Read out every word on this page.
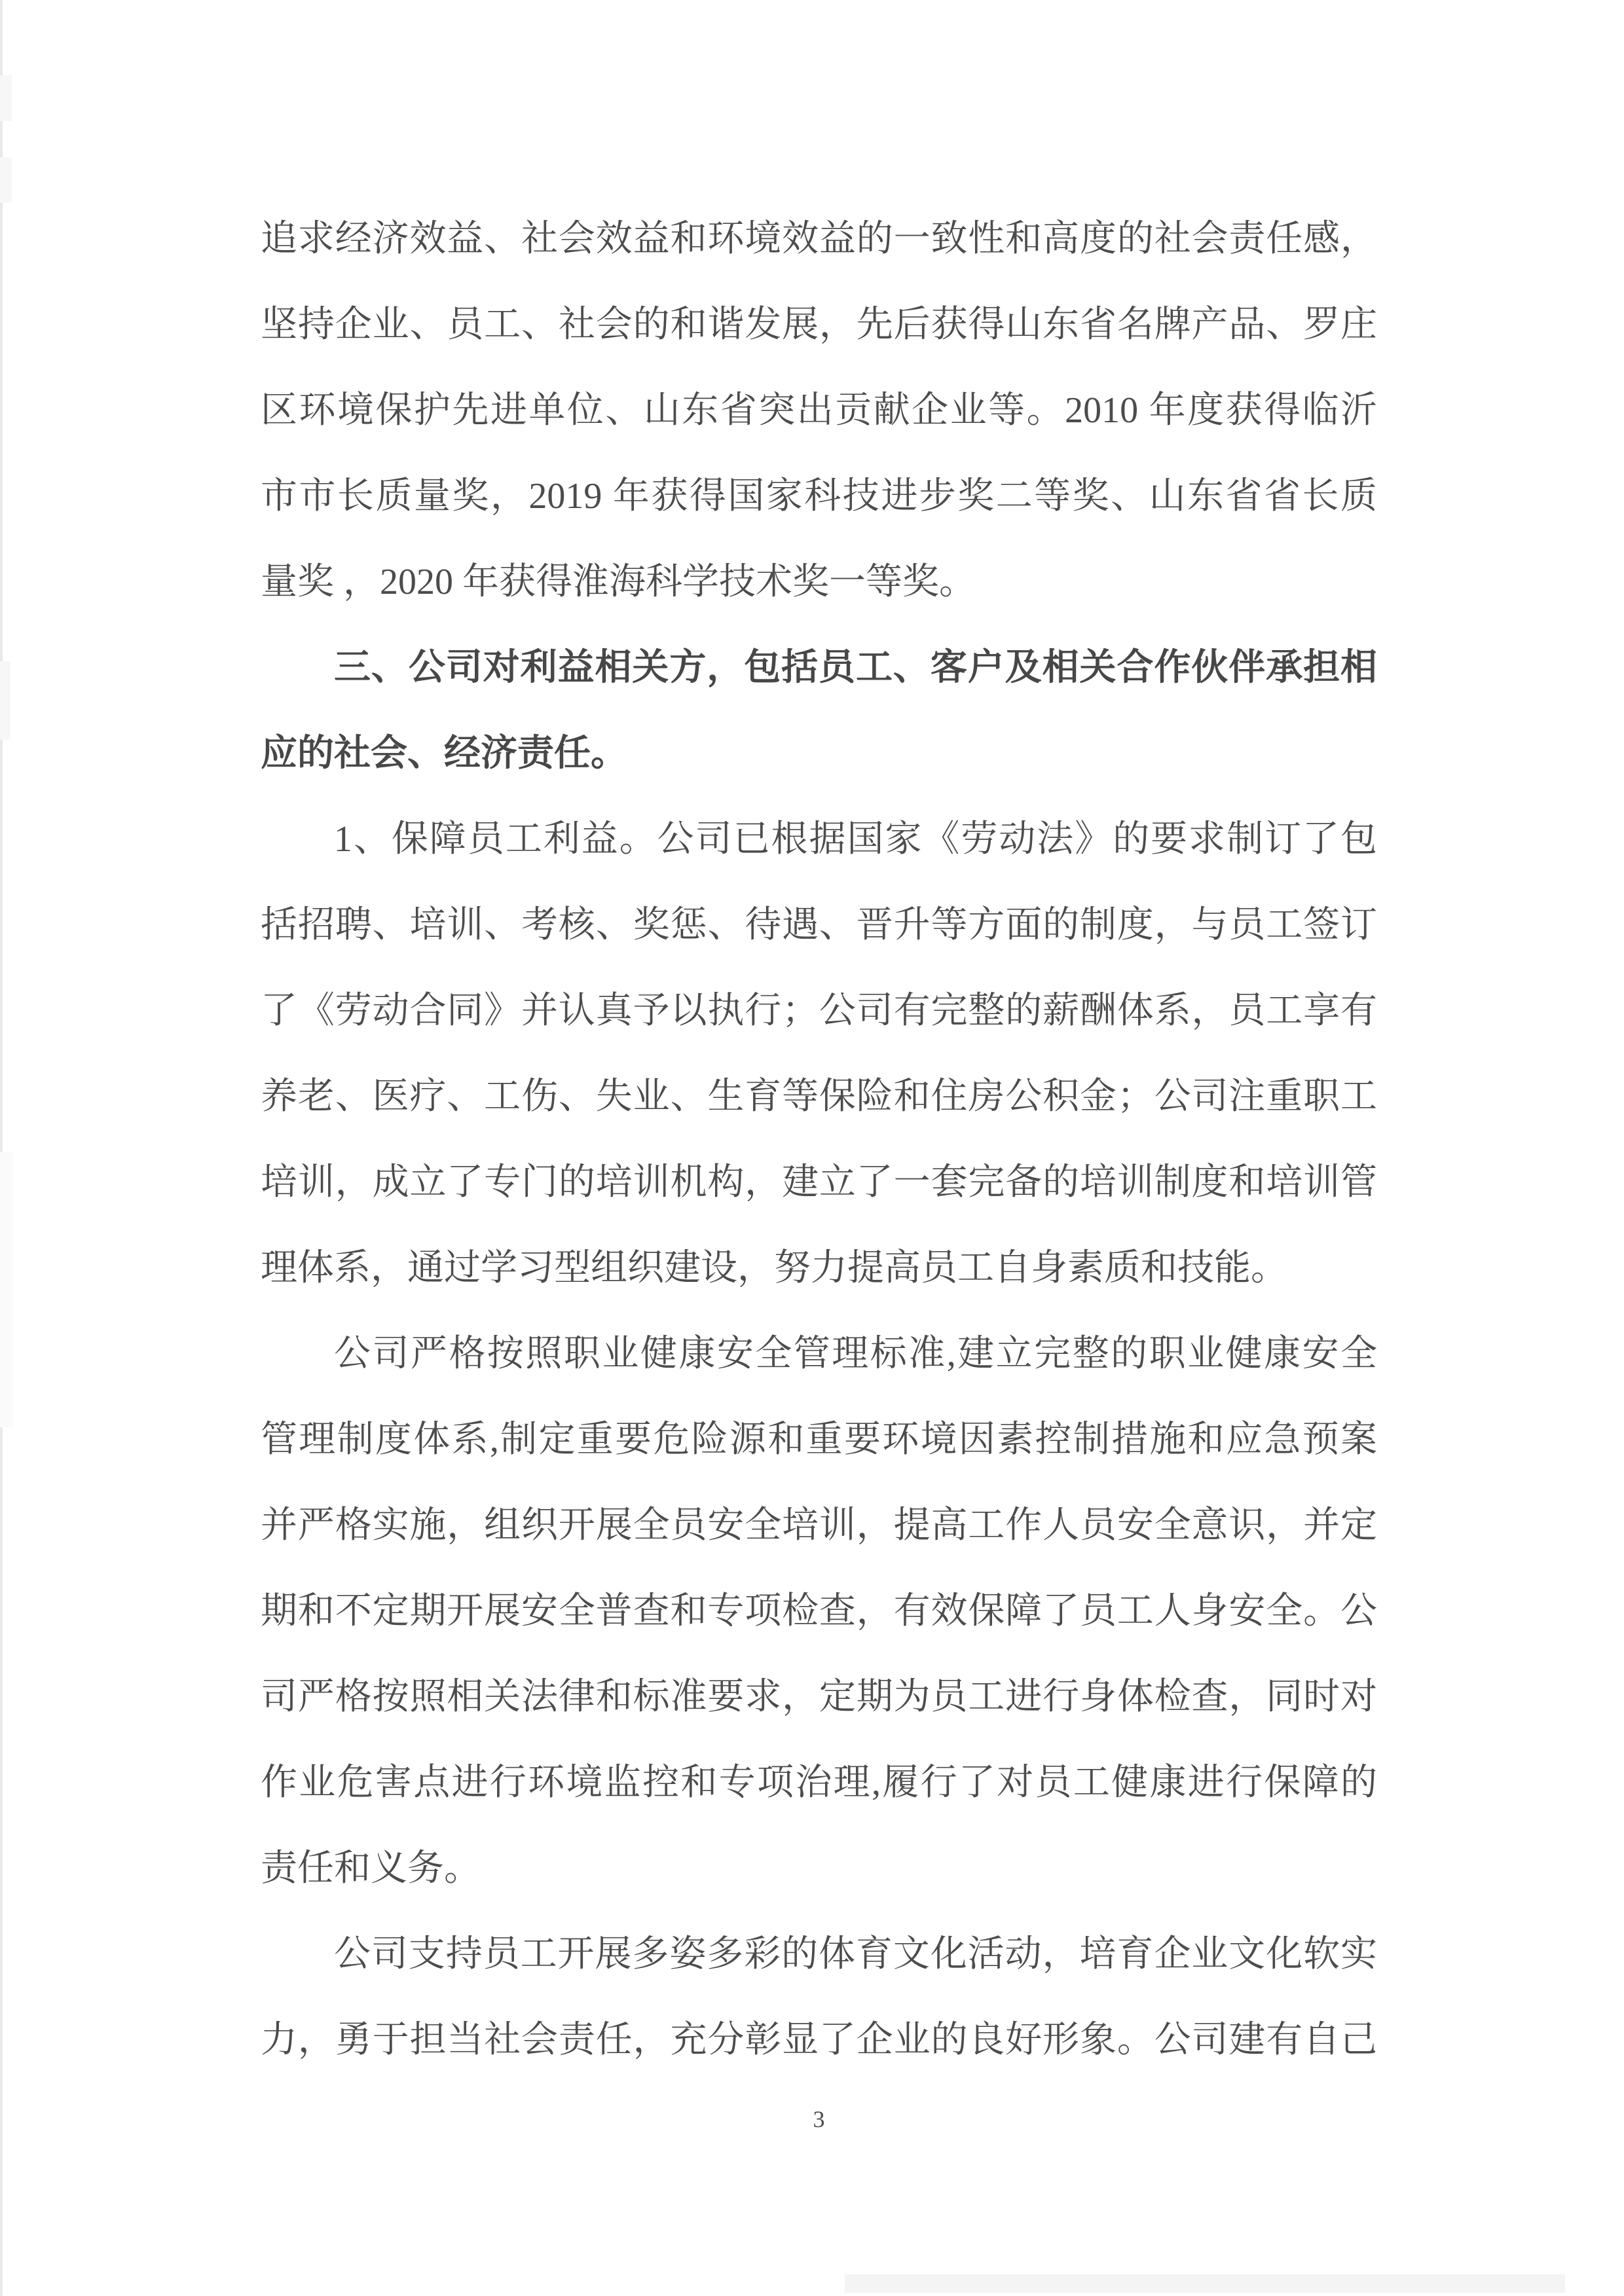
追求经济效益、社会效益和环境效益的一致性和高度的社会责任感，
坚持企业、员工、社会的和谐发展，先后获得山东省名牌产品、罗庄
区环境保护先进单位、山东省突出贡献企业等。2010 年度获得临沂
市市长质量奖，2019 年获得国家科技进步奖二等奖、山东省省长质
量奖 ，2020 年获得淮海科学技术奖一等奖。
三、公司对利益相关方，包括员工、客户及相关合作伙伴承担相
应的社会、经济责任。
1、保障员工利益。公司已根据国家《劳动法》的要求制订了包
括招聘、培训、考核、奖惩、待遇、晋升等方面的制度，与员工签订
了《劳动合同》并认真予以执行；公司有完整的薪酬体系，员工享有
养老、医疗、工伤、失业、生育等保险和住房公积金；公司注重职工
培训，成立了专门的培训机构，建立了一套完备的培训制度和培训管
理体系，通过学习型组织建设，努力提高员工自身素质和技能。
公司严格按照职业健康安全管理标准,建立完整的职业健康安全
管理制度体系,制定重要危险源和重要环境因素控制措施和应急预案
并严格实施，组织开展全员安全培训，提高工作人员安全意识，并定
期和不定期开展安全普查和专项检查，有效保障了员工人身安全。公
司严格按照相关法律和标准要求，定期为员工进行身体检查，同时对
作业危害点进行环境监控和专项治理,履行了对员工健康进行保障的
责任和义务。
公司支持员工开展多姿多彩的体育文化活动，培育企业文化软实
力，勇于担当社会责任，充分彰显了企业的良好形象。公司建有自己
3
